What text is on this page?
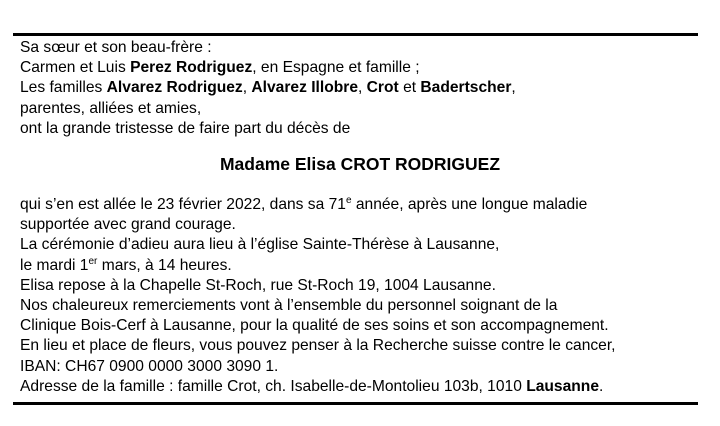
Sa sœur et son beau-frère :
Carmen et Luis Perez Rodriguez, en Espagne et famille ;
Les familles Alvarez Rodriguez, Alvarez Illobre, Crot et Badertscher,
parentes, alliées et amies,
ont la grande tristesse de faire part du décès de
Madame Elisa CROT RODRIGUEZ
qui s’en est allée le 23 février 2022, dans sa 71e année, après une longue maladie
supportée avec grand courage.
La cérémonie d’adieu aura lieu à l’église Sainte-Thérèse à Lausanne,
le mardi 1er mars, à 14 heures.
Elisa repose à la Chapelle St-Roch, rue St-Roch 19, 1004 Lausanne.
Nos chaleureux remerciements vont à l’ensemble du personnel soignant de la
Clinique Bois-Cerf à Lausanne, pour la qualité de ses soins et son accompagnement.
En lieu et place de fleurs, vous pouvez penser à la Recherche suisse contre le cancer,
IBAN: CH67 0900 0000 3000 3090 1.
Adresse de la famille : famille Crot, ch. Isabelle-de-Montolieu 103b, 1010 Lausanne.
